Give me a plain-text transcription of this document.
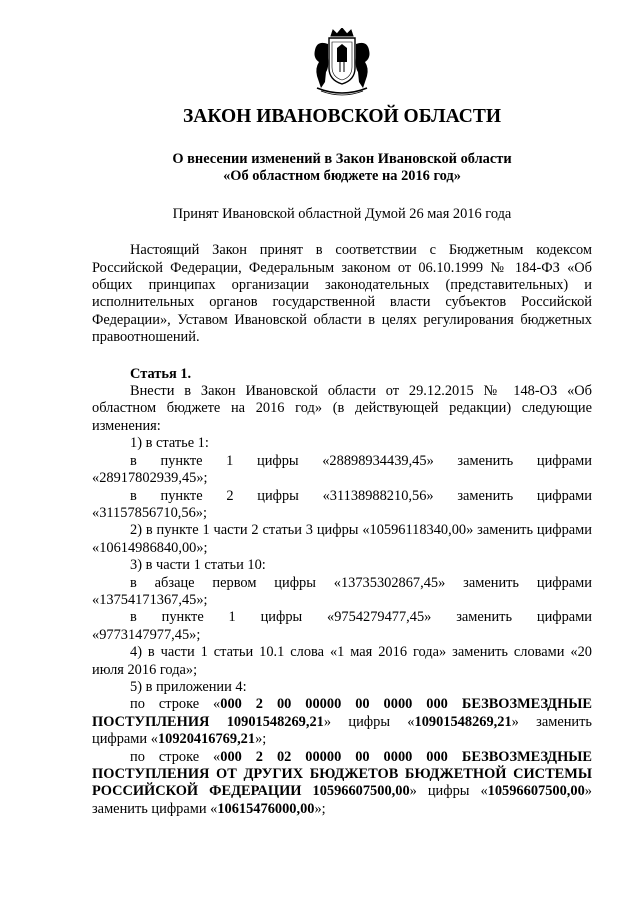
ЗАКОН ИВАНОВСКОЙ ОБЛАСТИ
О внесении изменений в Закон Ивановской области
«Об областном бюджете на 2016 год»
Принят Ивановской областной Думой 26 мая 2016 года

Настоящий Закон принят в соответствии с Бюджетным кодексом Российской Федерации, Федеральным законом от 06.10.1999 № 184-ФЗ «Об общих принципах организации законодательных (представительных) и исполнительных органов государственной власти субъектов Российской Федерации», Уставом Ивановской области в целях регулирования бюджетных правоотношений.

Статья 1.

Внести в Закон Ивановской области от 29.12.2015 № 148-ОЗ «Об областном бюджете на 2016 год» (в действующей редакции) следующие изменения:

1) в статье 1:

в пункте 1 цифры «28898934439,45» заменить цифрами

«28917802939,45»;

в пункте 2 цифры «31138988210,56» заменить цифрами

«31157856710,56»;

2) в пункте 1 части 2 статьи 3 цифры «10596118340,00» заменить цифрами «10614986840,00»;

3) в части 1 статьи 10:

в абзаце первом цифры «13735302867,45» заменить цифрами

«13754171367,45»;

в пункте 1 цифры «9754279477,45» заменить цифрами

«9773147977,45»;

4) в части 1 статьи 10.1 слова «1 мая 2016 года» заменить словами «20 июля 2016 года»;

5) в приложении 4:

по строке «000 2 00 00000 00 0000 000 БЕЗВОЗМЕЗДНЫЕ ПОСТУПЛЕНИЯ 10901548269,21» цифры «10901548269,21» заменить цифрами «10920416769,21»;

по строке «000 2 02 00000 00 0000 000 БЕЗВОЗМЕЗДНЫЕ ПОСТУПЛЕНИЯ ОТ ДРУГИХ БЮДЖЕТОВ БЮДЖЕТНОЙ СИСТЕМЫ РОССИЙСКОЙ ФЕДЕРАЦИИ 10596607500,00» цифры «10596607500,00» заменить цифрами «10615476000,00»;
